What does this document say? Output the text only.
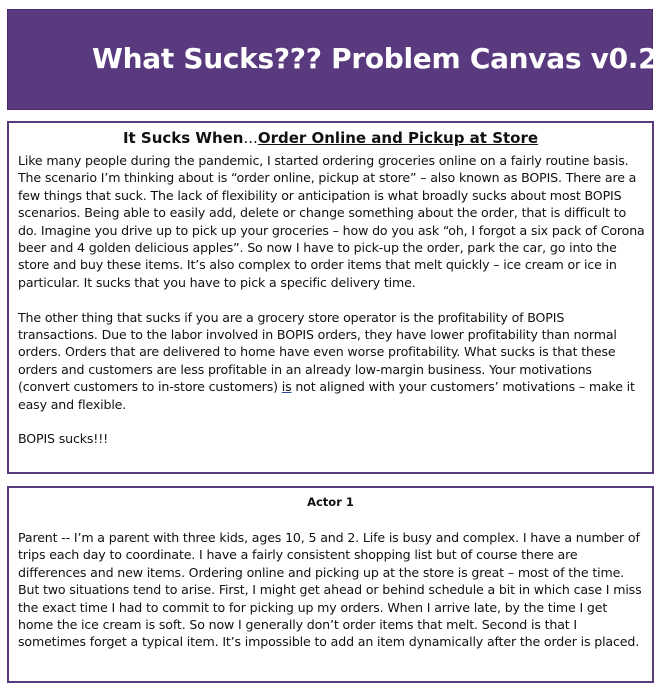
What Sucks??? Problem Canvas v0.2
It Sucks When...Order Online and Pickup at Store

Like many people during the pandemic, I started ordering groceries online on a fairly routine basis. The scenario I’m thinking about is “order online, pickup at store” – also known as BOPIS. There are a few things that suck. The lack of flexibility or anticipation is what broadly sucks about most BOPIS scenarios. Being able to easily add, delete or change something about the order, that is difficult to do. Imagine you drive up to pick up your groceries – how do you ask “oh, I forgot a six pack of Corona beer and 4 golden delicious apples”. So now I have to pick-up the order, park the car, go into the store and buy these items. It’s also complex to order items that melt quickly – ice cream or ice in particular. It sucks that you have to pick a specific delivery time.

The other thing that sucks if you are a grocery store operator is the profitability of BOPIS transactions. Due to the labor involved in BOPIS orders, they have lower profitability than normal orders. Orders that are delivered to home have even worse profitability. What sucks is that these orders and customers are less profitable in an already low-margin business. Your motivations (convert customers to in-store customers) is not aligned with your customers’ motivations – make it easy and flexible.

BOPIS sucks!!!

Actor 1

Parent -- I’m a parent with three kids, ages 10, 5 and 2. Life is busy and complex. I have a number of trips each day to coordinate. I have a fairly consistent shopping list but of course there are differences and new items. Ordering online and picking up at the store is great – most of the time. But two situations tend to arise. First, I might get ahead or behind schedule a bit in which case I miss the exact time I had to commit to for picking up my orders. When I arrive late, by the time I get home the ice cream is soft. So now I generally don’t order items that melt. Second is that I sometimes forget a typical item. It’s impossible to add an item dynamically after the order is placed.
